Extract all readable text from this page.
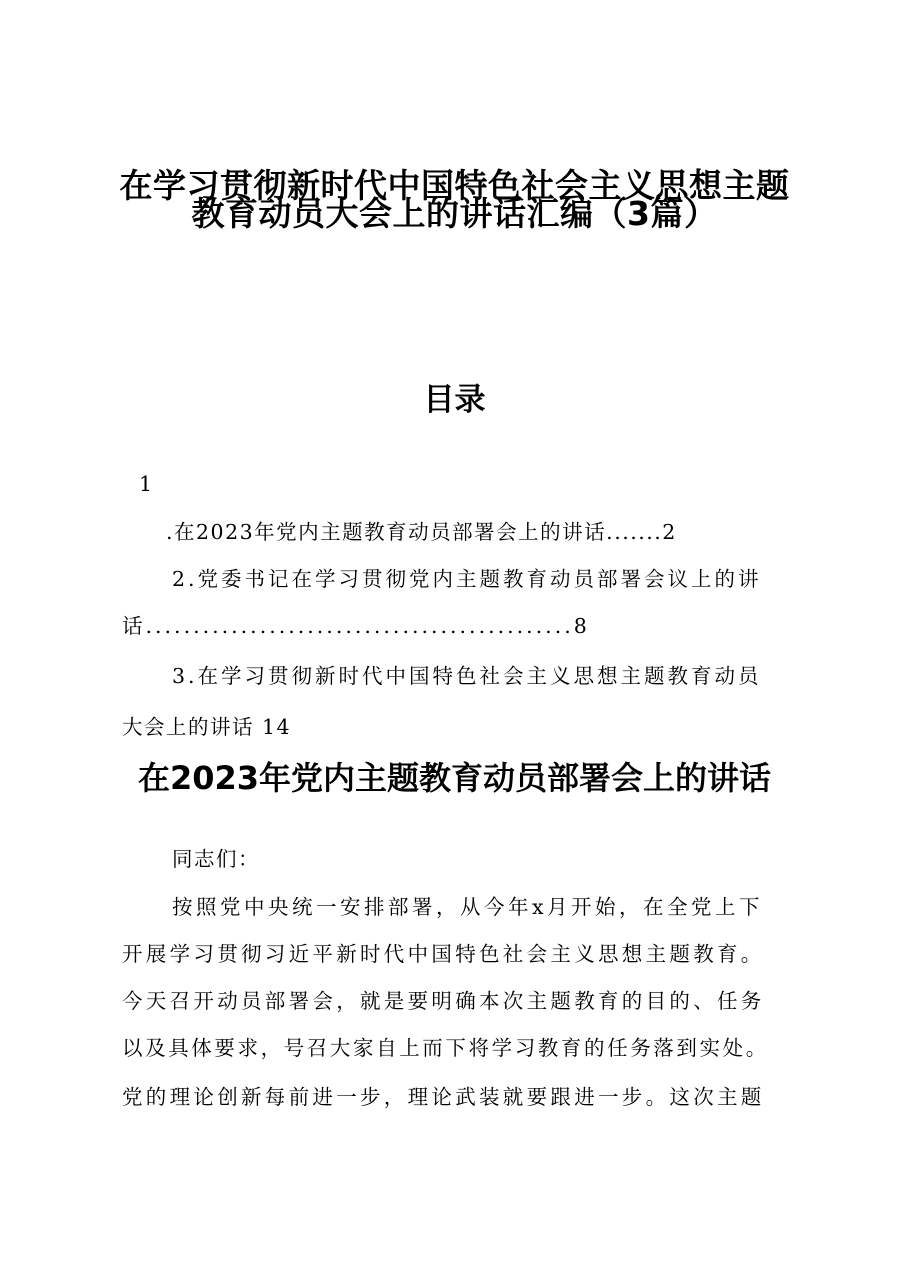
在学习贯彻新时代中国特色社会主义思想主题
教育动员大会上的讲话汇编（3篇）
目录
1
.在2023年党内主题教育动员部署会上的讲话.......2
2.党委书记在学习贯彻党内主题教育动员部署会议上的讲
话.............................................8
3.在学习贯彻新时代中国特色社会主义思想主题教育动员
大会上的讲话 14
在2023年党内主题教育动员部署会上的讲话
同志们：
按照党中央统一安排部署，从今年x月开始，在全党上下
开展学习贯彻习近平新时代中国特色社会主义思想主题教育。
今天召开动员部署会，就是要明确本次主题教育的目的、任务
以及具体要求，号召大家自上而下将学习教育的任务落到实处。
党的理论创新每前进一步，理论武装就要跟进一步。这次主题
